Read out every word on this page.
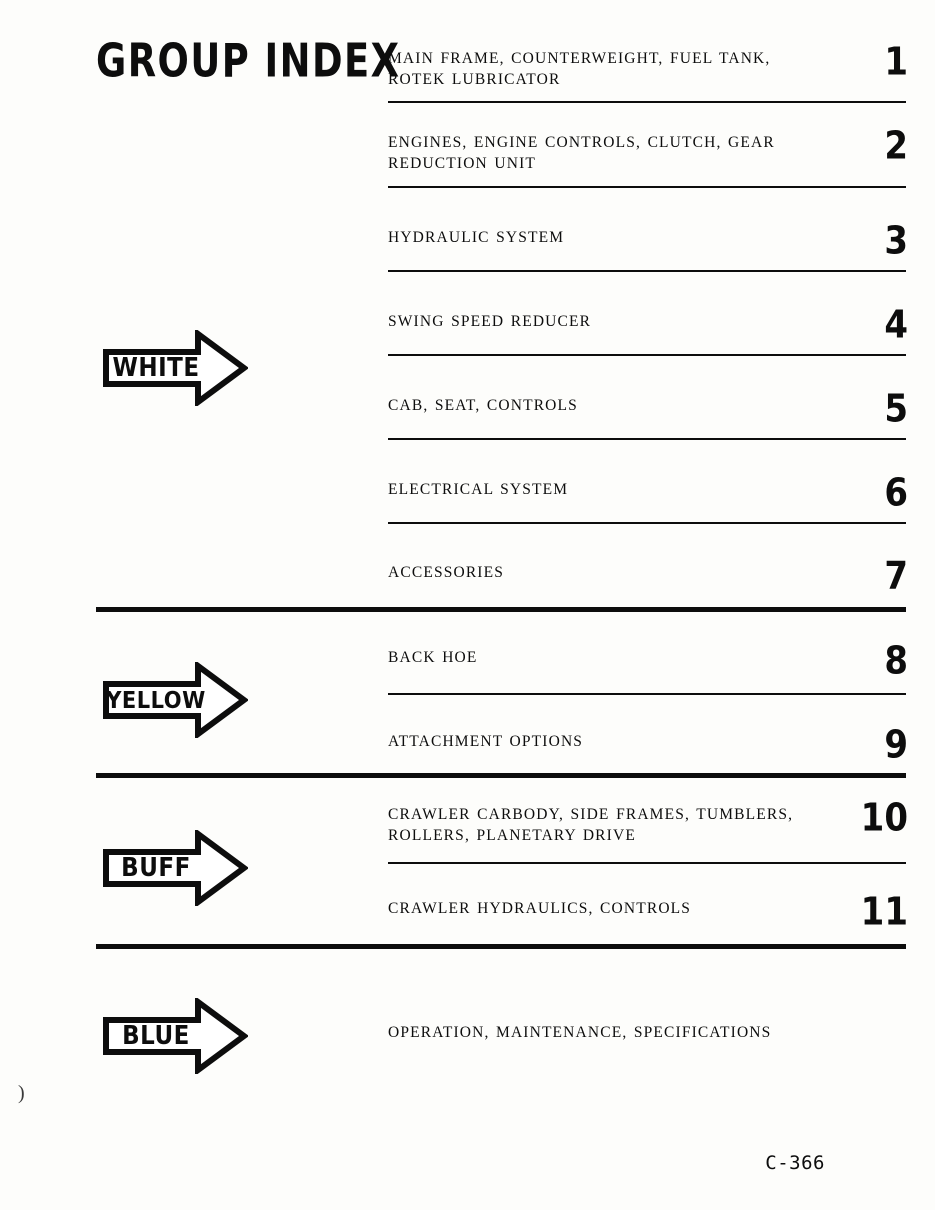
GROUP INDEX
MAIN FRAME, COUNTERWEIGHT, FUEL TANK, ROTEK LUBRICATOR	1
ENGINES, ENGINE CONTROLS, CLUTCH, GEAR REDUCTION UNIT	2
HYDRAULIC SYSTEM	3
SWING SPEED REDUCER	4
CAB, SEAT, CONTROLS	5
ELECTRICAL SYSTEM	6
ACCESSORIES	7
BACK HOE	8
ATTACHMENT OPTIONS	9
CRAWLER CARBODY, SIDE FRAMES, TUMBLERS, ROLLERS, PLANETARY DRIVE	10
CRAWLER HYDRAULICS, CONTROLS	11
OPERATION, MAINTENANCE, SPECIFICATIONS
WHITE
YELLOW
BUFF
BLUE
)
C-366
